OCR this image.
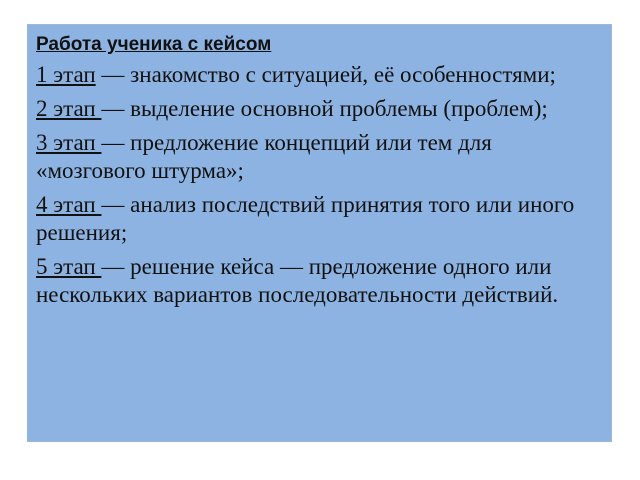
Работа ученика с кейсом
1 этап — знакомство с ситуацией, её особенностями;
2 этап — выделение основной проблемы (проблем);
3 этап — предложение концепций или тем для «мозгового штурма»;
4 этап — анализ последствий принятия того или иного решения;
5 этап — решение кейса — предложение одного или нескольких вариантов последовательности действий.
